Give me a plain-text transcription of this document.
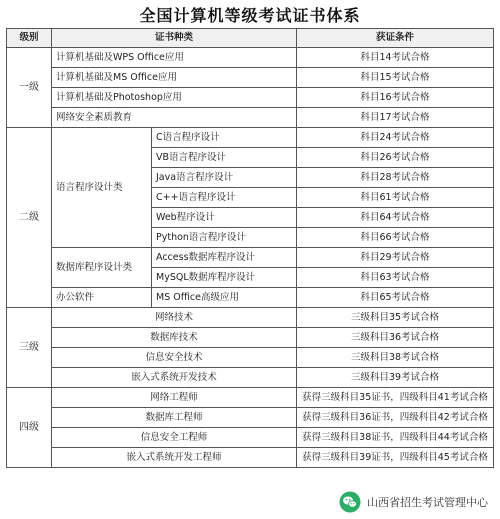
全国计算机等级考试证书体系
级别	证书种类		获证条件
一级	计算机基础及WPS Office应用		科目14考试合格
	计算机基础及MS Office应用		科目15考试合格
	计算机基础及Photoshop应用		科目16考试合格
	网络安全素质教育		科目17考试合格
二级	语言程序设计类	C语言程序设计	科目24考试合格
		VB语言程序设计	科目26考试合格
		Java语言程序设计	科目28考试合格
		C++语言程序设计	科目61考试合格
		Web程序设计	科目64考试合格
		Python语言程序设计	科目66考试合格
	数据库程序设计类	Access数据库程序设计	科目29考试合格
		MySQL数据库程序设计	科目63考试合格
	办公软件	MS Office高级应用	科目65考试合格
三级	网络技术		三级科目35考试合格
	数据库技术		三级科目36考试合格
	信息安全技术		三级科目38考试合格
	嵌入式系统开发技术		三级科目39考试合格
四级	网络工程师		获得三级科目35证书，四级科目41考试合格
	数据库工程师		获得三级科目36证书，四级科目42考试合格
	信息安全工程师		获得三级科目38证书，四级科目44考试合格
	嵌入式系统开发工程师		获得三级科目39证书，四级科目45考试合格
山西省招生考试管理中心
